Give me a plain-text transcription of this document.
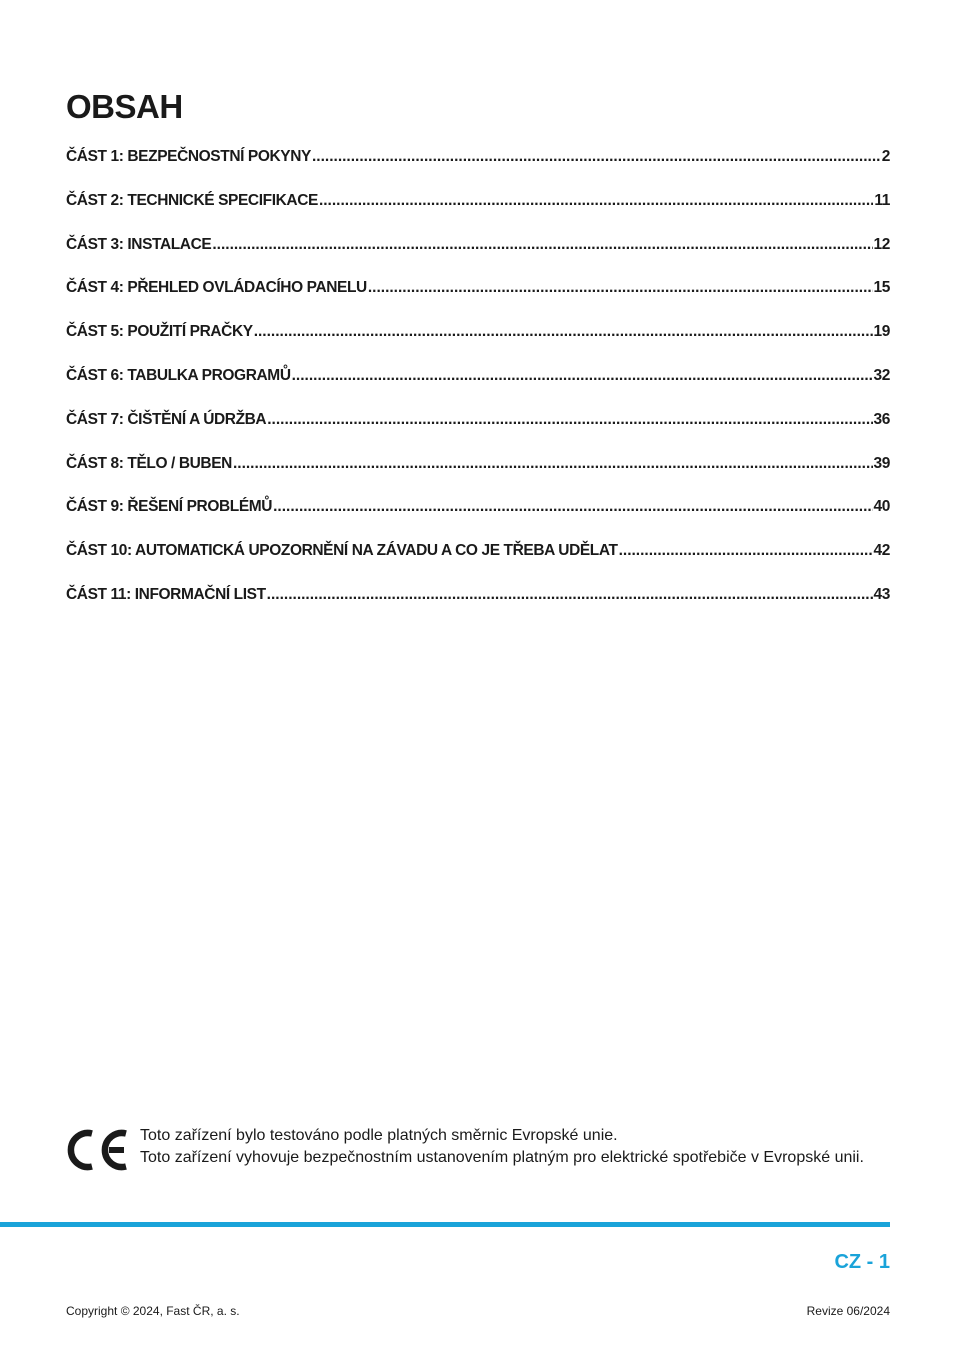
OBSAH
ČÁST 1: BEZPEČNOSTNÍ POKYNY .....	2
ČÁST 2: TECHNICKÉ SPECIFIKACE .....	11
ČÁST 3: INSTALACE .....	12
ČÁST 4: PŘEHLED OVLÁDACÍHO PANELU .....	15
ČÁST 5: POUŽITÍ PRAČKY .....	19
ČÁST 6: TABULKA PROGRAMŮ .....	32
ČÁST 7: ČIŠTĚNÍ A ÚDRŽBA .....	36
ČÁST 8: TĚLO / BUBEN .....	39
ČÁST 9: ŘEŠENÍ PROBLÉMŮ .....	40
ČÁST 10: AUTOMATICKÁ UPOZORNĚNÍ NA ZÁVADU A CO JE TŘEBA UDĚLAT .....	42
ČÁST 11: INFORMAČNÍ LIST .....	43

Toto zařízení bylo testováno podle platných směrnic Evropské unie.

Toto zařízení vyhovuje bezpečnostním ustanovením platným pro elektrické spotřebiče v Evropské unii.

CZ - 1
Copyright © 2024, Fast ČR, a. s.	Revize 06/2024
